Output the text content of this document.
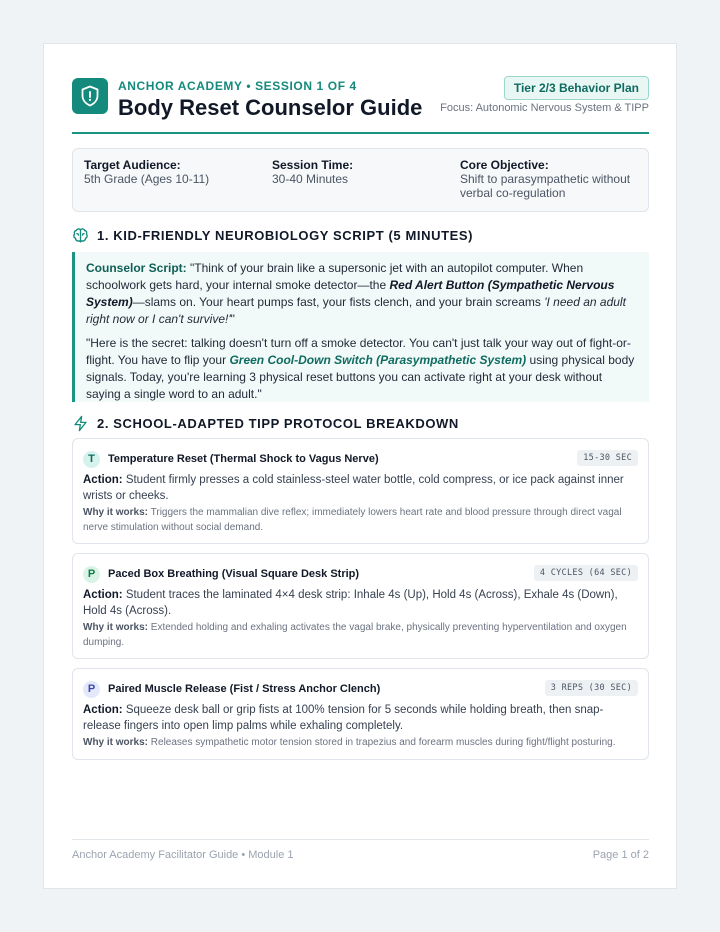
ANCHOR ACADEMY • SESSION 1 OF 4
Body Reset Counselor Guide
Tier 2/3 Behavior Plan
Focus: Autonomic Nervous System & TIPP
Target Audience:
5th Grade (Ages 10-11)
Session Time:
30-40 Minutes
Core Objective:
Shift to parasympathetic without verbal co-regulation
1. KID-FRIENDLY NEUROBIOLOGY SCRIPT (5 MINUTES)

Counselor Script: "Think of your brain like a supersonic jet with an autopilot computer. When schoolwork gets hard, your internal smoke detector—the Red Alert Button (Sympathetic Nervous System)—slams on. Your heart pumps fast, your fists clench, and your brain screams 'I need an adult right now or I can't survive!'"

"Here is the secret: talking doesn't turn off a smoke detector. You can't just talk your way out of fight-or-flight. You have to flip your Green Cool-Down Switch (Parasympathetic System) using physical body signals. Today, you're learning 3 physical reset buttons you can activate right at your desk without saying a single word to an adult."

2. SCHOOL-ADAPTED TIPP PROTOCOL BREAKDOWN
T	Temperature Reset (Thermal Shock to Vagus Nerve)	15-30 SEC
Action: Student firmly presses a cold stainless-steel water bottle, cold compress, or ice pack against inner wrists or cheeks.
Why it works: Triggers the mammalian dive reflex; immediately lowers heart rate and blood pressure through direct vagal nerve stimulation without social demand.
P	Paced Box Breathing (Visual Square Desk Strip)	4 CYCLES (64 SEC)
Action: Student traces the laminated 4×4 desk strip: Inhale 4s (Up), Hold 4s (Across), Exhale 4s (Down), Hold 4s (Across).
Why it works: Extended holding and exhaling activates the vagal brake, physically preventing hyperventilation and oxygen dumping.
P	Paired Muscle Release (Fist / Stress Anchor Clench)	3 REPS (30 SEC)
Action: Squeeze desk ball or grip fists at 100% tension for 5 seconds while holding breath, then snap-release fingers into open limp palms while exhaling completely.
Why it works: Releases sympathetic motor tension stored in trapezius and forearm muscles during fight/flight posturing.
Anchor Academy Facilitator Guide • Module 1	Page 1 of 2
